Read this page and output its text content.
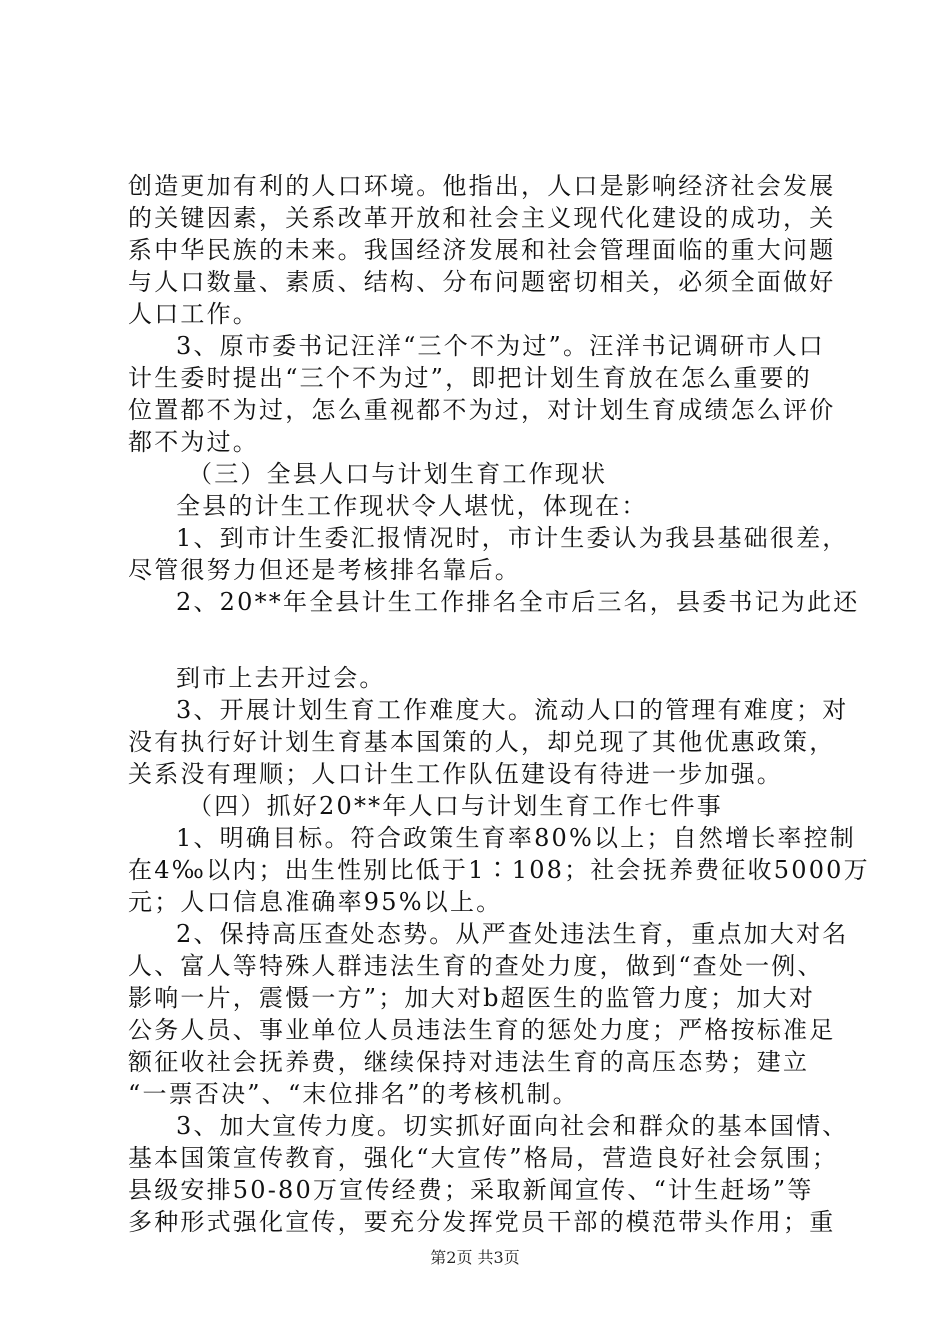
创造更加有利的人口环境。他指出，人口是影响经济社会发展
的关键因素，关系改革开放和社会主义现代化建设的成功，关
系中华民族的未来。我国经济发展和社会管理面临的重大问题
与人口数量、素质、结构、分布问题密切相关，必须全面做好
人口工作。
3、原市委书记汪洋“三个不为过”。汪洋书记调研市人口
计生委时提出“三个不为过”，即把计划生育放在怎么重要的
位置都不为过，怎么重视都不为过，对计划生育成绩怎么评价
都不为过。
（三）全县人口与计划生育工作现状
全县的计生工作现状令人堪忧，体现在：
1、到市计生委汇报情况时，市计生委认为我县基础很差，
尽管很努力但还是考核排名靠后。
2、20**年全县计生工作排名全市后三名，县委书记为此还
到市上去开过会。
3、开展计划生育工作难度大。流动人口的管理有难度；对
没有执行好计划生育基本国策的人，却兑现了其他优惠政策，
关系没有理顺；人口计生工作队伍建设有待进一步加强。
（四）抓好20**年人口与计划生育工作七件事
1、明确目标。符合政策生育率80%以上；自然增长率控制
在4‰以内；出生性别比低于1∶108；社会抚养费征收5000万
元；人口信息准确率95%以上。
2、保持高压查处态势。从严查处违法生育，重点加大对名
人、富人等特殊人群违法生育的查处力度，做到“查处一例、
影响一片，震慑一方”；加大对b超医生的监管力度；加大对
公务人员、事业单位人员违法生育的惩处力度；严格按标准足
额征收社会抚养费，继续保持对违法生育的高压态势；建立
“一票否决”、“末位排名”的考核机制。
3、加大宣传力度。切实抓好面向社会和群众的基本国情、
基本国策宣传教育，强化“大宣传”格局，营造良好社会氛围；
县级安排50-80万宣传经费；采取新闻宣传、“计生赶场”等
多种形式强化宣传，要充分发挥党员干部的模范带头作用；重
第2页 共3页
